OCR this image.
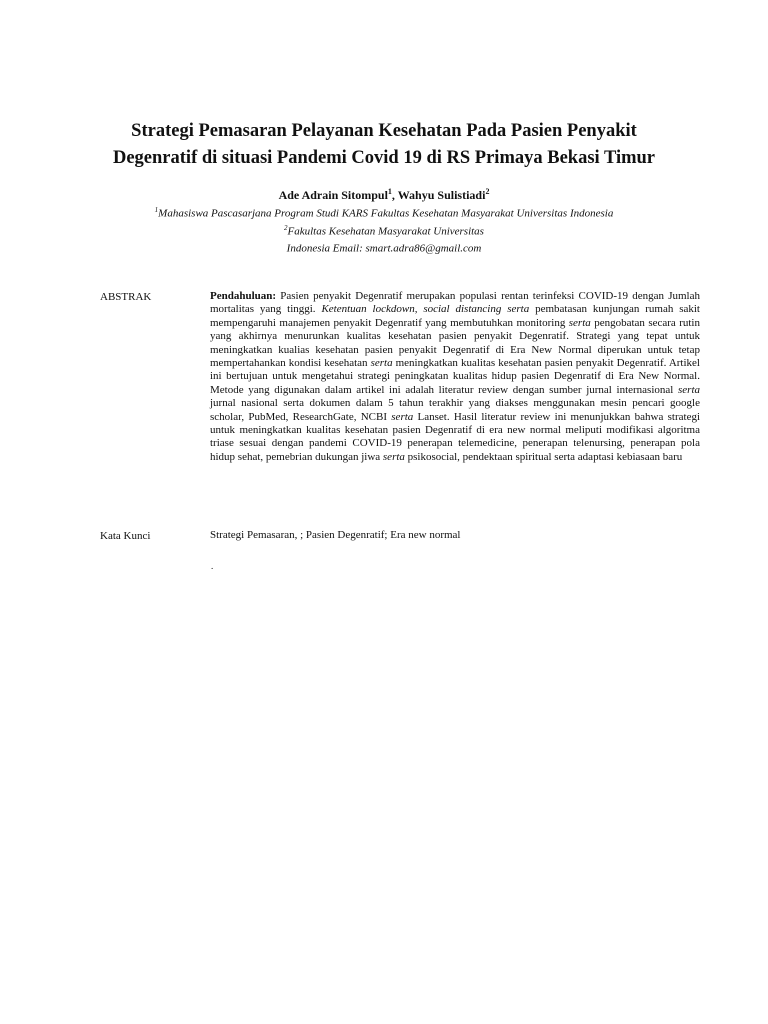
Strategi Pemasaran Pelayanan Kesehatan Pada Pasien Penyakit
Degenratif di situasi Pandemi Covid 19 di RS Primaya Bekasi Timur
Ade Adrain Sitompul$^1$, Wahyu Sulistiadi$^2$
$^1$Mahasiswa Pascasarjana Program Studi KARS Fakultas Kesehatan Masyarakat Universitas Indonesia
$^2$Fakultas Kesehatan Masyarakat Universitas
Indonesia Email: smart.adra86@gmail.com
ABSTRAK	Pendahuluan: Pasien penyakit Degenratif merupakan populasi rentan terinfeksi COVID-19 dengan Jumlah mortalitas yang tinggi. Ketentuan lockdown, social distancing serta pembatasan kunjungan rumah sakit mempengaruhi manajemen penyakit Degenratif yang membutuhkan monitoring serta pengobatan secara rutin yang akhirnya menurunkan kualitas kesehatan pasien penyakit Degenratif. Strategi yang tepat untuk meningkatkan kualias kesehatan pasien penyakit Degenratif di Era New Normal diperukan untuk tetap mempertahankan kondisi kesehatan serta meningkatkan kualitas kesehatan pasien penyakit Degenratif. Artikel ini bertujuan untuk mengetahui strategi peningkatan kualitas hidup pasien Degenratif di Era New Normal. Metode yang digunakan dalam artikel ini adalah literatur review dengan sumber jurnal internasional serta jurnal nasional serta dokumen dalam 5 tahun terakhir yang diakses menggunakan mesin pencari google scholar, PubMed, ResearchGate, NCBI serta Lanset. Hasil literatur review ini menunjukkan bahwa strategi untuk meningkatkan kualitas kesehatan pasien Degenratif di era new normal meliputi modifikasi algoritma triase sesuai dengan pandemi COVID-19 penerapan telemedicine, penerapan telenursing, penerapan pola hidup sehat, pemebrian dukungan jiwa serta psikosocial, pendektaan spiritual serta adaptasi kebiasaan baru

Kata Kunci	Strategi Pemasaran, ; Pasien Degenratif; Era new normal
.
